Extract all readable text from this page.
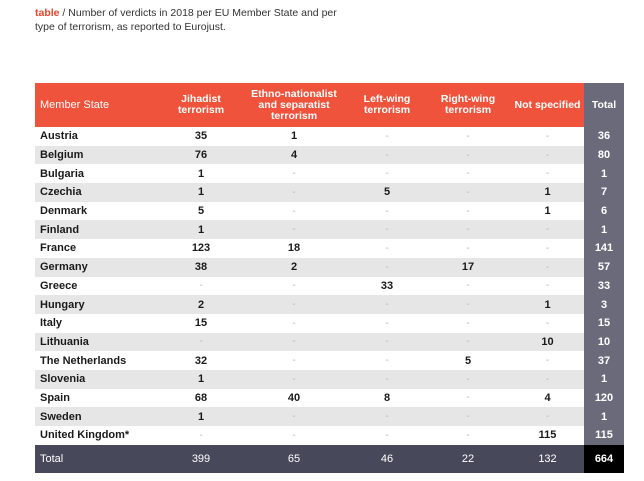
table / Number of verdicts in 2018 per EU Member State and per type of terrorism, as reported to Eurojust.
Member State	Jihadist terrorism	Ethno-nationalist and separatist terrorism	Left-wing terrorism	Right-wing terrorism	Not specified	Total
Austria	35	1	-	-	-	36
Belgium	76	4	-	-	-	80
Bulgaria	1	-	-	-	-	1
Czechia	1	-	5	-	1	7
Denmark	5	-	-	-	1	6
Finland	1	-	-	-	-	1
France	123	18	-	-	-	141
Germany	38	2	-	17	-	57
Greece	-	-	33	-	-	33
Hungary	2	-	-	-	1	3
Italy	15	-	-	-	-	15
Lithuania	-	-	-	-	10	10
The Netherlands	32	-	-	5	-	37
Slovenia	1	-	-	-	-	1
Spain	68	40	8	-	4	120
Sweden	1	-	-	-	-	1
United Kingdom*	-	-	-	-	115	115
Total	399	65	46	22	132	664
